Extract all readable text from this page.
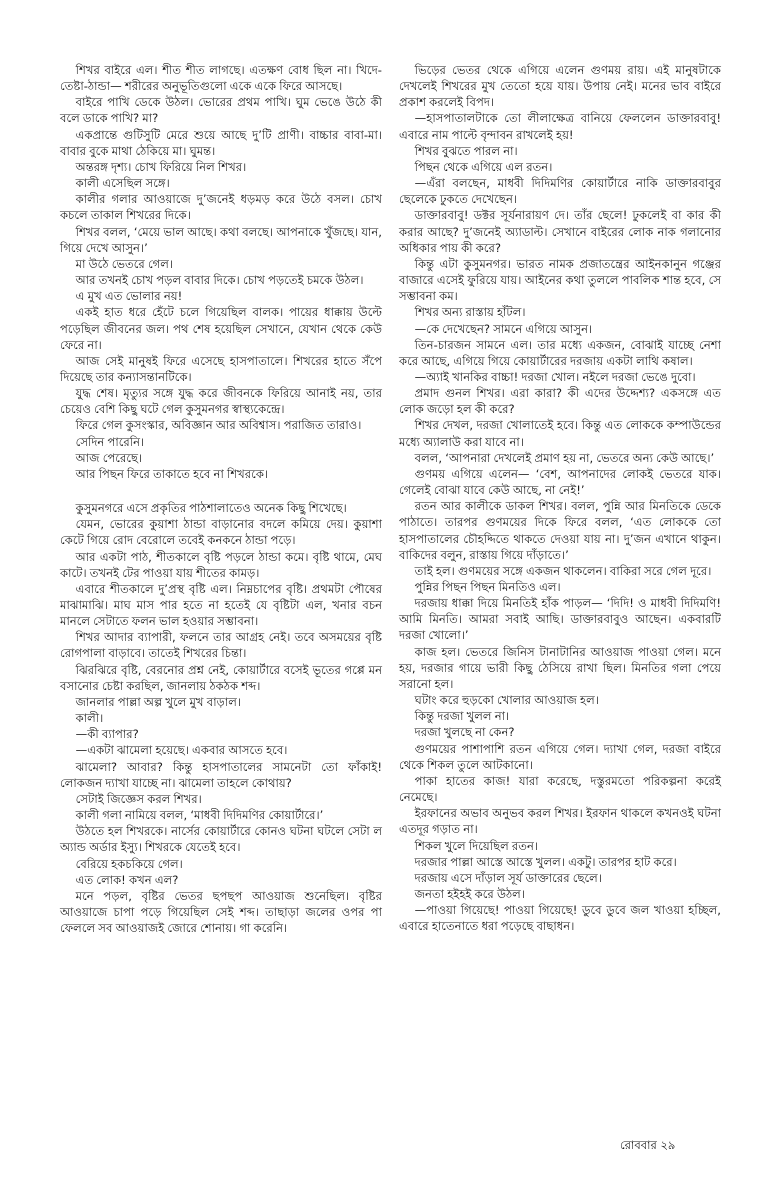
শিখর বাইরে এল। শীত শীত লাগছে। এতক্ষণ বোধ ছিল না। খিদে-তেষ্টা-ঠান্ডা— শরীরের অনুভূতিগুলো একে একে ফিরে আসছে।

বাইরে পাখি ডেকে উঠল। ভোরের প্রথম পাখি। ঘুম ভেঙে উঠে কী বলে ডাকে পাখি? মা?

একপ্রান্তে গুটিসুটি মেরে শুয়ে আছে দু’টি প্রাণী। বাচ্চার বাবা-মা। বাবার বুকে মাথা ঠেকিয়ে মা। ঘুমন্ত।

অন্তরঙ্গ দৃশ্য। চোখ ফিরিয়ে নিল শিখর।

কালী এসেছিল সঙ্গে।

কালীর গলার আওয়াজে দু’জনেই ধড়মড় করে উঠে বসল। চোখ কচলে তাকাল শিখরের দিকে।

শিখর বলল, ‘মেয়ে ভাল আছে। কথা বলছে। আপনাকে খুঁজছে। যান, গিয়ে দেখে আসুন।’

মা উঠে ভেতরে গেল।

আর তখনই চোখ পড়ল বাবার দিকে। চোখ পড়তেই চমকে উঠল।

এ মুখ এত ভোলার নয়!

একই হাত ধরে হেঁটে চলে গিয়েছিল বালক। পায়ের ধাক্কায় উল্টে পড়েছিল জীবনের জল। পথ শেষ হয়েছিল সেখানে, যেখান থেকে কেউ ফেরে না।

আজ সেই মানুষই ফিরে এসেছে হাসপাতালে। শিখরের হাতে সঁপে দিয়েছে তার কন্যাসন্তানটিকে।

যুদ্ধ শেষ। মৃত্যুর সঙ্গে যুদ্ধ করে জীবনকে ফিরিয়ে আনাই নয়, তার চেয়েও বেশি কিছু ঘটে গেল কুসুমনগর স্বাস্থ্যকেন্দ্রে।

ফিরে গেল কুসংস্কার, অবিজ্ঞান আর অবিশ্বাস। পরাজিত তারাও।

সেদিন পারেনি।

আজ পেরেছে।

আর পিছন ফিরে তাকাতে হবে না শিখরকে।

কুসুমনগরে এসে প্রকৃতির পাঠশালাতেও অনেক কিছু শিখেছে।

যেমন, ভোরের কুয়াশা ঠান্ডা বাড়ানোর বদলে কমিয়ে দেয়। কুয়াশা কেটে গিয়ে রোদ বেরোলে তবেই কনকনে ঠান্ডা পড়ে।

আর একটা পাঠ, শীতকালে বৃষ্টি পড়লে ঠান্ডা কমে। বৃষ্টি থামে, মেঘ কাটে। তখনই টের পাওয়া যায় শীতের কামড়।

এবারে শীতকালে দু’প্রস্থ বৃষ্টি এল। নিম্নচাপের বৃষ্টি। প্রথমটা পৌষের মাঝামাঝি। মাঘ মাস পার হতে না হতেই যে বৃষ্টিটা এল, খনার বচন মানলে সেটাতে ফলন ভাল হওয়ার সম্ভাবনা।

শিখর আদার ব্যাপারী, ফলনে তার আগ্রহ নেই। তবে অসময়ের বৃষ্টি রোগপালা বাড়াবে। তাতেই শিখরের চিন্তা।

ঝিরঝিরে বৃষ্টি, বেরনোর প্রশ্ন নেই, কোয়ার্টারে বসেই ভূতের গপ্পে মন বসানোর চেষ্টা করছিল, জানলায় ঠকঠক শব্দ।

জানলার পাল্লা অল্প খুলে মুখ বাড়াল।

কালী।

—কী ব্যাপার?

—একটা ঝামেলা হয়েছে। একবার আসতে হবে।

ঝামেলা? আবার? কিন্তু হাসপাতালের সামনেটা তো ফাঁকাই! লোকজন দ্যাখা যাচ্ছে না। ঝামেলা তাহলে কোথায়?

সেটাই জিজ্ঞেস করল শিখর।

কালী গলা নামিয়ে বলল, ‘মাধবী দিদিমণির কোয়ার্টারে।’

উঠতে হল শিখরকে। নার্সের কোয়ার্টারে কোনও ঘটনা ঘটলে সেটা ল অ্যান্ড অর্ডার ইস্যু। শিখরকে যেতেই হবে।

বেরিয়ে হকচকিয়ে গেল।

এত লোক! কখন এল?

মনে পড়ল, বৃষ্টির ভেতর ছপছপ আওয়াজ শুনেছিল। বৃষ্টির আওয়াজে চাপা পড়ে গিয়েছিল সেই শব্দ। তাছাড়া জলের ওপর পা ফেললে সব আওয়াজই জোরে শোনায়। গা করেনি।

ভিড়ের ভেতর থেকে এগিয়ে এলেন গুণময় রায়। এই মানুষটাকে দেখলেই শিখরের মুখ তেতো হয়ে যায়। উপায় নেই। মনের ভাব বাইরে প্রকাশ করলেই বিপদ।

—হাসপাতালটাকে তো লীলাক্ষেত্র বানিয়ে ফেললেন ডাক্তারবাবু! এবারে নাম পাল্টে বৃন্দাবন রাখলেই হয়!

শিখর বুঝতে পারল না।

পিছন থেকে এগিয়ে এল রতন।

—এঁরা বলছেন, মাধবী দিদিমণির কোয়ার্টারে নাকি ডাক্তারবাবুর ছেলেকে ঢুকতে দেখেছেন।

ডাক্তারবাবু! ডক্টর সূর্যনারায়ণ দে। তাঁর ছেলে! ঢুকলেই বা কার কী করার আছে? দু’জনেই অ্যাডাল্ট। সেখানে বাইরের লোক নাক গলানোর অধিকার পায় কী করে?

কিন্তু এটা কুসুমনগর। ভারত নামক প্রজাতন্ত্রের আইনকানুন গঞ্জের বাজারে এসেই ফুরিয়ে যায়। আইনের কথা তুললে পাবলিক শান্ত হবে, সে সম্ভাবনা কম।

শিখর অন্য রাস্তায় হাঁটল।

—কে দেখেছেন? সামনে এগিয়ে আসুন।

তিন-চারজন সামনে এল। তার মধ্যে একজন, বোঝাই যাচ্ছে নেশা করে আছে, এগিয়ে গিয়ে কোয়ার্টারের দরজায় একটা লাথি কষাল।

—অ্যাই খানকির বাচ্চা! দরজা খোল। নইলে দরজা ভেঙে দুবো।

প্রমাদ গুনল শিখর। এরা কারা? কী এদের উদ্দেশ্য? একসঙ্গে এত লোক জড়ো হল কী করে?

শিখর দেখল, দরজা খোলাতেই হবে। কিন্তু এত লোককে কম্পাউন্ডের মধ্যে অ্যালাউ করা যাবে না।

বলল, ‘আপনারা দেখলেই প্রমাণ হয় না, ভেতরে অন্য কেউ আছে।’

গুণময় এগিয়ে এলেন— ‘বেশ, আপনাদের লোকই ভেতরে যাক। গেলেই বোঝা যাবে কেউ আছে, না নেই!’

রতন আর কালীকে ডাকল শিখর। বলল, পুন্নি আর মিনতিকে ডেকে পাঠাতে। তারপর গুণময়ের দিকে ফিরে বলল, ‘এত লোককে তো হাসপাতালের চৌহদ্দিতে থাকতে দেওয়া যায় না। দু’জন এখানে থাকুন। বাকিদের বলুন, রাস্তায় গিয়ে দাঁড়াতে।’

তাই হল। গুণময়ের সঙ্গে একজন থাকলেন। বাকিরা সরে গেল দূরে।

পুন্নির পিছন পিছন মিনতিও এল।

দরজায় ধাক্কা দিয়ে মিনতিই হাঁক পাড়ল— ‘দিদি! ও মাধবী দিদিমণি! আমি মিনতি। আমরা সবাই আছি। ডাক্তারবাবুও আছেন। একবারটি দরজা খোলো।’

কাজ হল। ভেতরে জিনিস টানাটানির আওয়াজ পাওয়া গেল। মনে হয়, দরজার গায়ে ভারী কিছু ঠেসিয়ে রাখা ছিল। মিনতির গলা পেয়ে সরানো হল।

ঘটাং করে হুড়কো খোলার আওয়াজ হল।

কিন্তু দরজা খুলল না।

দরজা খুলছে না কেন?

গুণময়ের পাশাপাশি রতন এগিয়ে গেল। দ্যাখা গেল, দরজা বাইরে থেকে শিকল তুলে আটকানো।

পাকা হাতের কাজ! যারা করেছে, দস্তুরমতো পরিকল্পনা করেই নেমেছে।

ইরফানের অভাব অনুভব করল শিখর। ইরফান থাকলে কখনওই ঘটনা এতদূর গড়াত না।

শিকল খুলে দিয়েছিল রতন।

দরজার পাল্লা আস্তে আস্তে খুলল। একটু। তারপর হাট করে।

দরজায় এসে দাঁড়াল সূর্য ডাক্তারের ছেলে।

জনতা হইহই করে উঠল।

—পাওয়া গিয়েছে! পাওয়া গিয়েছে! ডুবে ডুবে জল খাওয়া হচ্ছিল, এবারে হাতেনাতে ধরা পড়েছে বাছাধন।

রোববার ২৯
